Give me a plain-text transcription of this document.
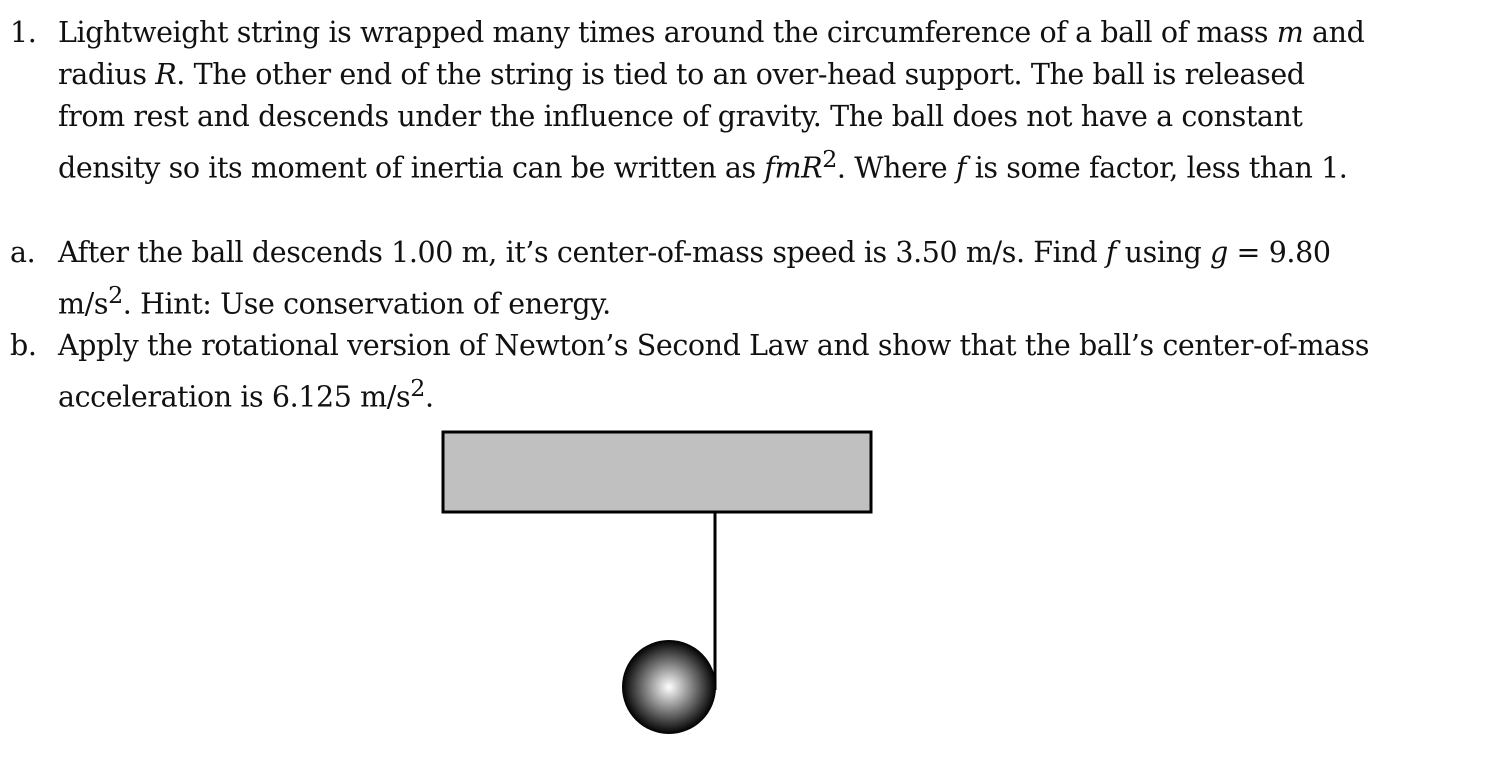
1. Lightweight string is wrapped many times around the circumference of a ball of mass m and
radius R. The other end of the string is tied to an over-head support. The ball is released
from rest and descends under the influence of gravity. The ball does not have a constant
density so its moment of inertia can be written as fmR$^2$. Where f is some factor, less than 1.
a. After the ball descends 1.00 m, it’s center-of-mass speed is 3.50 m/s. Find f using g = 9.80
$m/s^2$. Hint: Use conservation of energy.
b. Apply the rotational version of Newton’s Second Law and show that the ball’s center-of-mass
acceleration is 6.125 $m/s^2$.
